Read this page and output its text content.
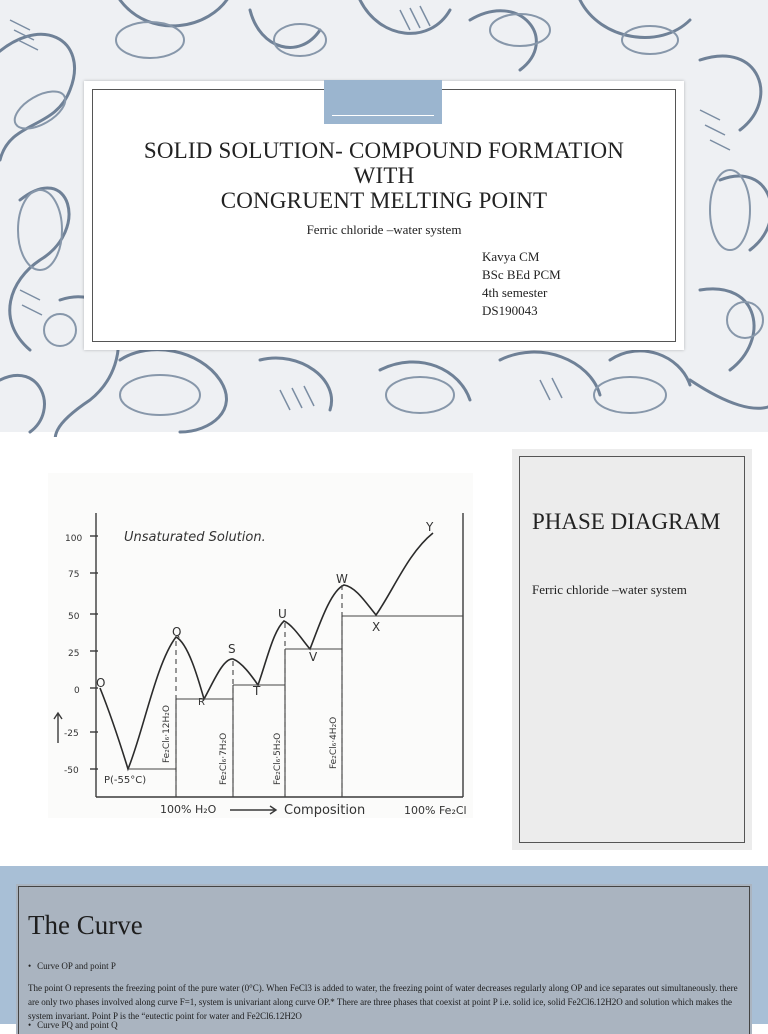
SOLID SOLUTION- COMPOUND FORMATION
WITH
CONGRUENT MELTING POINT
Ferric chloride –water system
Kavya CM
BSc BEd PCM
4th semester
DS190043
Unsaturated Solution.
100
75
50
25
0
-25
-50
O
Q
R
S
T
U
V
W
X
Y
P(-55°C)
Fe₂Cl₆·12H₂O	Fe₂Cl₆·7H₂O	Fe₂Cl₆·5H₂O	Fe₂Cl₆·4H₂O
Composition
100% H₂O	100% Fe₂Cl
PHASE DIAGRAM
Ferric chloride –water system
The Curve
• Curve OP and point P
The point O represents the freezing point of the pure water (0°C). When FeCl3 is added to water, the freezing point of water decreases regularly along OP and ice separates out simultaneously. there are only two phases involved along curve F=1, system is univariant along curve OP.* There are three phases that coexist at point P i.e. solid ice, solid Fe2Cl6.12H2O and solution which makes the system invariant. Point P is the “eutectic point for water and Fe2Cl6.12H2O
• Curve PQ and point Q
